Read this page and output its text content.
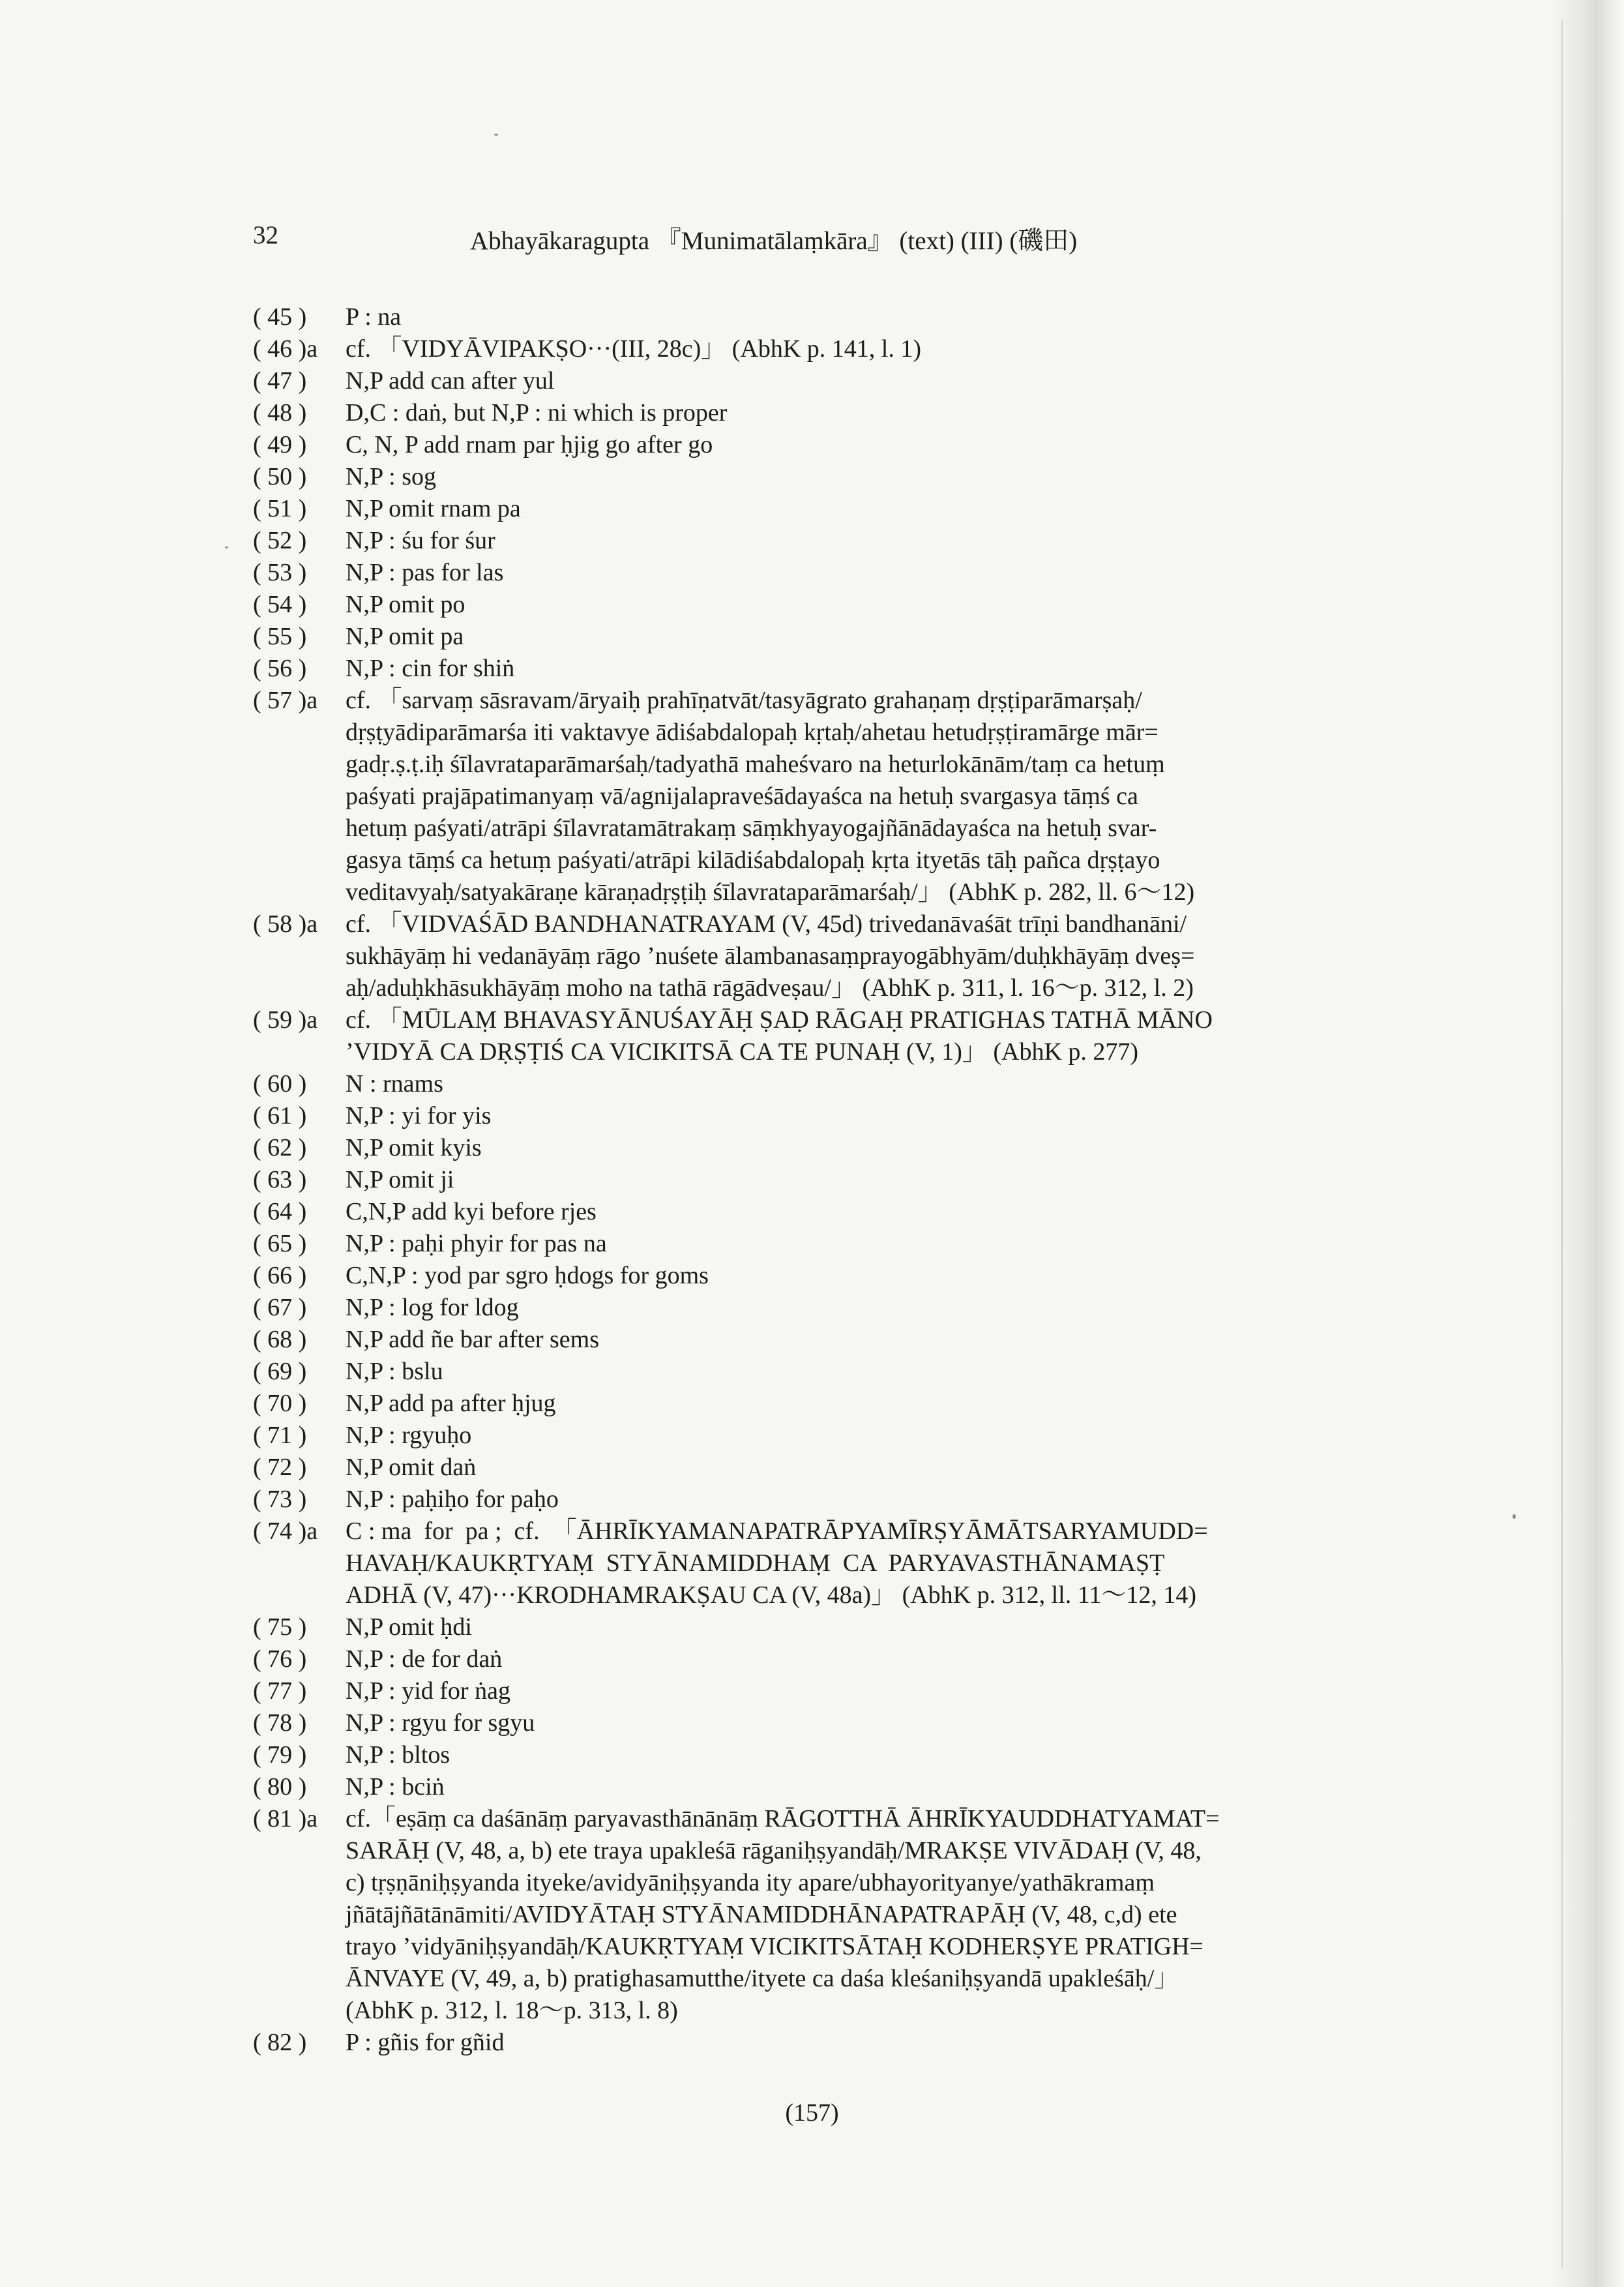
32	Abhayākaragupta 『Munimatālaṃkāra』 (text) (III) (磯田)
( 45 )	P : na
( 46 )a	cf. 「VIDYĀVIPAKṢO···(III, 28c)」 (AbhK p. 141, l. 1)
( 47 )	N,P add can after yul
( 48 )	D,C : daṅ, but N,P : ni which is proper
( 49 )	C, N, P add rnam par ḥjig go after go
( 50 )	N,P : sog
( 51 )	N,P omit rnam pa
( 52 )	N,P : śu for śur
( 53 )	N,P : pas for las
( 54 )	N,P omit po
( 55 )	N,P omit pa
( 56 )	N,P : cin for shiṅ
( 57 )a	cf. 「sarvaṃ sāsravam/āryaiḥ prahīṇatvāt/tasyāgrato grahaṇaṃ dṛṣṭiparāmarṣaḥ/
dṛṣṭyādiparāmarśa iti vaktavye ādiśabdalopaḥ kṛtaḥ/ahetau hetudṛṣṭiramārge mār=
gadṛ.ṣ.ṭ.iḥ śīlavrataparāmarśaḥ/tadyathā maheśvaro na heturlokānām/taṃ ca hetuṃ
paśyati prajāpatimanyaṃ vā/agnijalapraveśādayaśca na hetuḥ svargasya tāṃś ca
hetuṃ paśyati/atrāpi śīlavratamātrakaṃ sāṃkhyayogajñānādayaśca na hetuḥ svar-
gasya tāṃś ca hetuṃ paśyati/atrāpi kilādiśabdalopaḥ kṛta ityetās tāḥ pañca dṛṣṭayo
veditavyaḥ/satyakāraṇe kāraṇadṛṣṭiḥ śīlavrataparāmarśaḥ/」 (AbhK p. 282, ll. 6～12)
( 58 )a	cf. 「VIDVAŚĀD BANDHANATRAYAM (V, 45d) trivedanāvaśāt trīṇi bandhanāni/
sukhāyāṃ hi vedanāyāṃ rāgo ’nuśete ālambanasaṃprayogābhyām/duḥkhāyāṃ dveṣ=
aḥ/aduḥkhāsukhāyāṃ moho na tathā rāgādveṣau/」 (AbhK p. 311, l. 16～p. 312, l. 2)
( 59 )a	cf. 「MŪLAṂ BHAVASYĀNUŚAYĀḤ ṢAḌ RĀGAḤ PRATIGHAS TATHĀ MĀNO
’VIDYĀ CA DṚṢṬIŚ CA VICIKITSĀ CA TE PUNAḤ (V, 1)」 (AbhK p. 277)
( 60 )	N : rnams
( 61 )	N,P : yi for yis
( 62 )	N,P omit kyis
( 63 )	N,P omit ji
( 64 )	C,N,P add kyi before rjes
( 65 )	N,P : paḥi phyir for pas na
( 66 )	C,N,P : yod par sgro ḥdogs for goms
( 67 )	N,P : log for ldog
( 68 )	N,P add ñe bar after sems
( 69 )	N,P : bslu
( 70 )	N,P add pa after ḥjug
( 71 )	N,P : rgyuḥo
( 72 )	N,P omit daṅ
( 73 )	N,P : paḥiḥo for paḥo
( 74 )a	C : ma  for  pa ;  cf.  「ĀHRĪKYAMANAPATRĀPYAMĪRṢYĀMĀTSARYAMUDD=
HAVAḤ/KAUKṚTYAṂ  STYĀNAMIDDHAṂ  CA  PARYAVASTHĀNAMAṢṬ
ADHĀ (V, 47)···KRODHAMRAKṢAU CA (V, 48a)」 (AbhK p. 312, ll. 11～12, 14)
( 75 )	N,P omit ḥdi
( 76 )	N,P : de for daṅ
( 77 )	N,P : yid for ṅag
( 78 )	N,P : rgyu for sgyu
( 79 )	N,P : bltos
( 80 )	N,P : bciṅ
( 81 )a	cf.「eṣāṃ ca daśānāṃ paryavasthānānāṃ RĀGOTTHĀ ĀHRĪKYAUDDHATYAMAT=
SARĀḤ (V, 48, a, b) ete traya upakleśā rāganiḥṣyandāḥ/MRAKṢE VIVĀDAḤ (V, 48,
c) tṛṣṇāniḥṣyanda ityeke/avidyāniḥṣyanda ity apare/ubhayorityanye/yathākramaṃ
jñātājñātānāmiti/AVIDYĀTAḤ STYĀNAMIDDHĀNAPATRAPĀḤ (V, 48, c,d) ete
trayo ’vidyāniḥṣyandāḥ/KAUKṚTYAṂ VICIKITSĀTAḤ KODHERṢYE PRATIGH=
ĀNVAYE (V, 49, a, b) pratighasamutthe/ityete ca daśa kleśaniḥṣyandā upakleśāḥ/」
(AbhK p. 312, l. 18～p. 313, l. 8)
( 82 )	P : gñis for gñid
(157)
